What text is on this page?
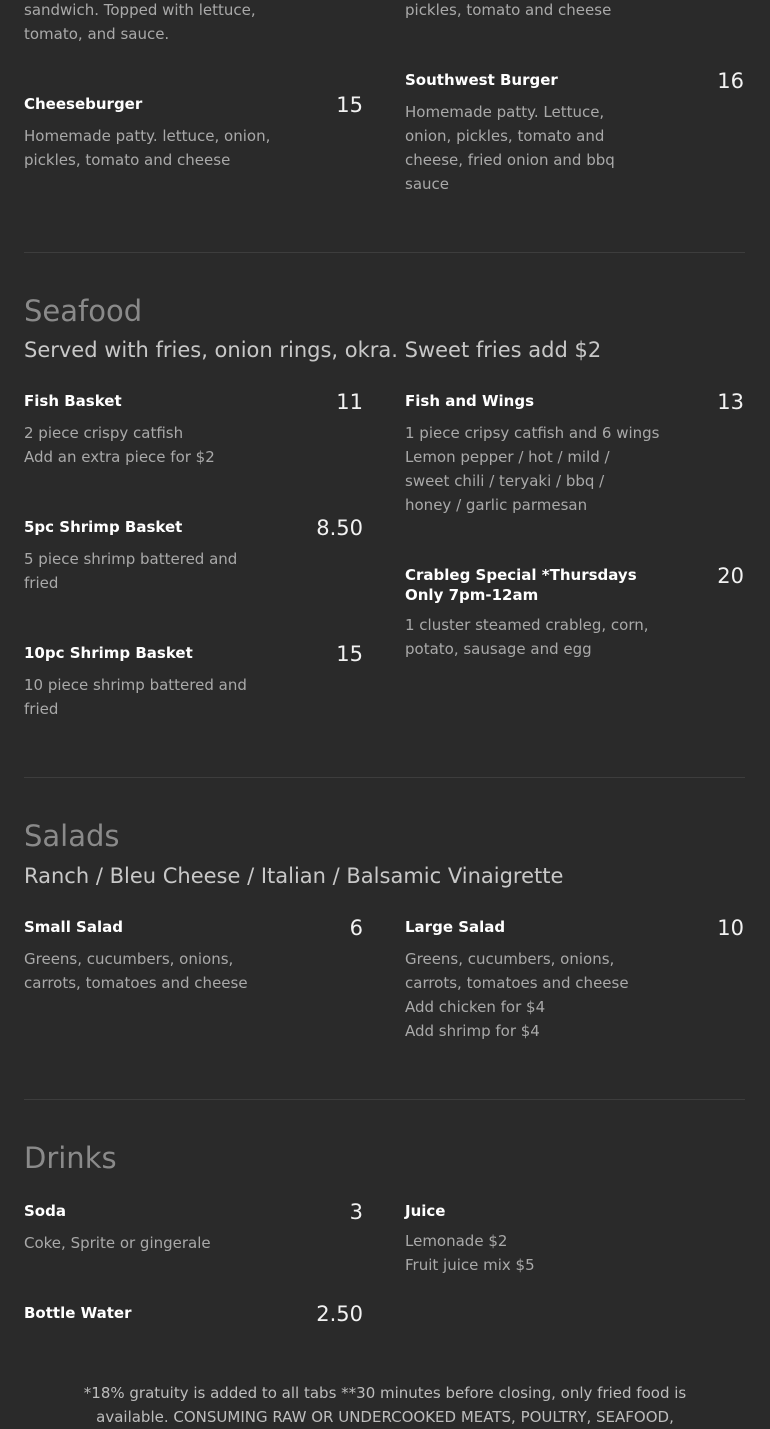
sandwich. Topped with lettuce,
tomato, and sauce.
pickles, tomato and cheese
Cheeseburger	15
Homemade patty. lettuce, onion,
pickles, tomato and cheese
Southwest Burger	16
Homemade patty. Lettuce,
onion, pickles, tomato and
cheese, fried onion and bbq
sauce
Seafood
Served with fries, onion rings, okra. Sweet fries add $2
Fish Basket	11
2 piece crispy catfish
Add an extra piece for $2
Fish and Wings	13
1 piece cripsy catfish and 6 wings
Lemon pepper / hot / mild /
sweet chili / teryaki / bbq /
honey / garlic parmesan
5pc Shrimp Basket	8.50
5 piece shrimp battered and
fried	Crableg Special *Thursdays
Only 7pm-12am
20
1 cluster steamed crableg, corn,
potato, sausage and egg
10pc Shrimp Basket	15
10 piece shrimp battered and
fried
Salads
Ranch / Bleu Cheese / Italian / Balsamic Vinaigrette
Small Salad	6
Greens, cucumbers, onions,
carrots, tomatoes and cheese
Large Salad	10
Greens, cucumbers, onions,
carrots, tomatoes and cheese
Add chicken for $4
Add shrimp for $4
Drinks
Soda	3
Coke, Sprite or gingerale
Juice
Lemonade $2
Fruit juice mix $5
Bottle Water	2.50
*18% gratuity is added to all tabs **30 minutes before closing, only fried food is
available. CONSUMING RAW OR UNDERCOOKED MEATS, POULTRY, SEAFOOD,
